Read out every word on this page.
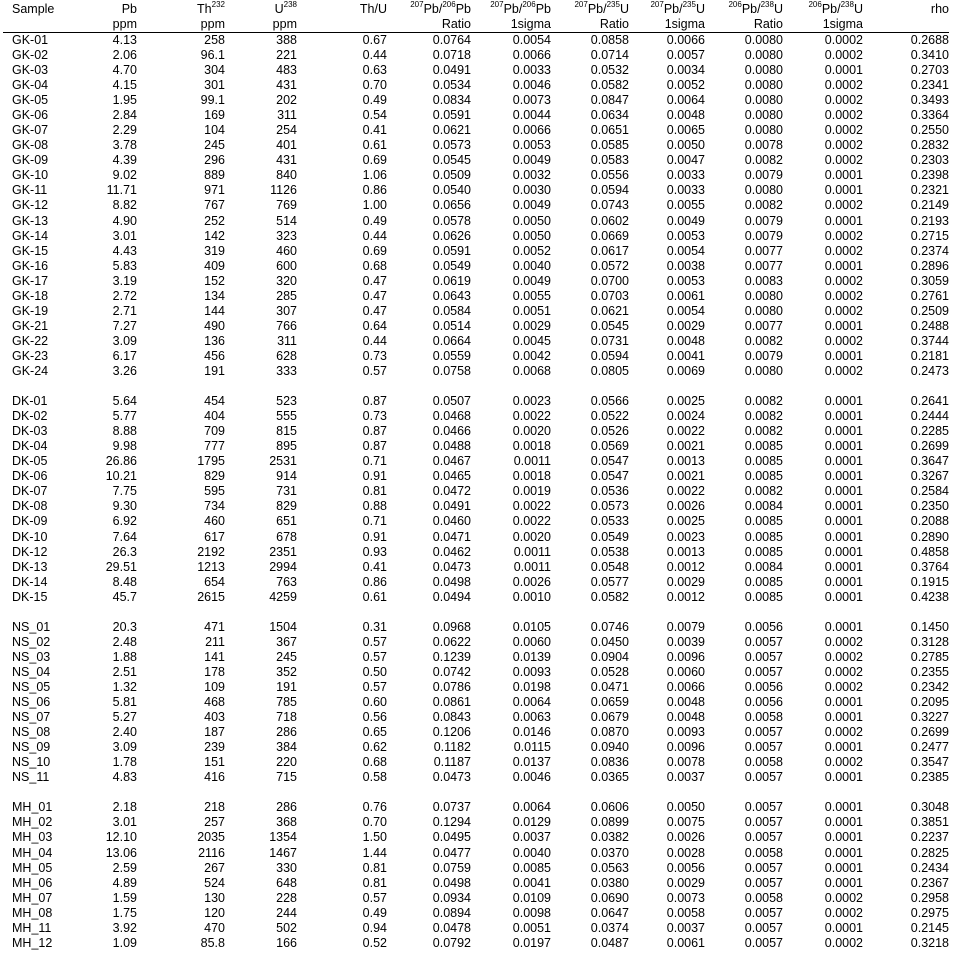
Sample	Pb	Th$^{232}$	$U^{238}$	Th/U	$^{207}$Pb/$^{206}$Pb	$^{207}$Pb/$^{206}$Pb	$^{207}$Pb/$^{235}$U	$^{207}$Pb/$^{235}$U	$^{206}$Pb/$^{238}$U	$^{206}$Pb/$^{238}$U	rho
	ppm	ppm	ppm		Ratio	1sigma	Ratio	1sigma	Ratio	1sigma	
GK-01	4.13	258	388	0.67	0.0764	0.0054	0.0858	0.0066	0.0080	0.0002	0.2688
GK-02	2.06	96.1	221	0.44	0.0718	0.0066	0.0714	0.0057	0.0080	0.0002	0.3410
GK-03	4.70	304	483	0.63	0.0491	0.0033	0.0532	0.0034	0.0080	0.0001	0.2703
GK-04	4.15	301	431	0.70	0.0534	0.0046	0.0582	0.0052	0.0080	0.0002	0.2341
GK-05	1.95	99.1	202	0.49	0.0834	0.0073	0.0847	0.0064	0.0080	0.0002	0.3493
GK-06	2.84	169	311	0.54	0.0591	0.0044	0.0634	0.0048	0.0080	0.0002	0.3364
GK-07	2.29	104	254	0.41	0.0621	0.0066	0.0651	0.0065	0.0080	0.0002	0.2550
GK-08	3.78	245	401	0.61	0.0573	0.0053	0.0585	0.0050	0.0078	0.0002	0.2832
GK-09	4.39	296	431	0.69	0.0545	0.0049	0.0583	0.0047	0.0082	0.0002	0.2303
GK-10	9.02	889	840	1.06	0.0509	0.0032	0.0556	0.0033	0.0079	0.0001	0.2398
GK-11	11.71	971	1126	0.86	0.0540	0.0030	0.0594	0.0033	0.0080	0.0001	0.2321
GK-12	8.82	767	769	1.00	0.0656	0.0049	0.0743	0.0055	0.0082	0.0002	0.2149
GK-13	4.90	252	514	0.49	0.0578	0.0050	0.0602	0.0049	0.0079	0.0001	0.2193
GK-14	3.01	142	323	0.44	0.0626	0.0050	0.0669	0.0053	0.0079	0.0002	0.2715
GK-15	4.43	319	460	0.69	0.0591	0.0052	0.0617	0.0054	0.0077	0.0002	0.2374
GK-16	5.83	409	600	0.68	0.0549	0.0040	0.0572	0.0038	0.0077	0.0001	0.2896
GK-17	3.19	152	320	0.47	0.0619	0.0049	0.0700	0.0053	0.0083	0.0002	0.3059
GK-18	2.72	134	285	0.47	0.0643	0.0055	0.0703	0.0061	0.0080	0.0002	0.2761
GK-19	2.71	144	307	0.47	0.0584	0.0051	0.0621	0.0054	0.0080	0.0002	0.2509
GK-21	7.27	490	766	0.64	0.0514	0.0029	0.0545	0.0029	0.0077	0.0001	0.2488
GK-22	3.09	136	311	0.44	0.0664	0.0045	0.0731	0.0048	0.0082	0.0002	0.3744
GK-23	6.17	456	628	0.73	0.0559	0.0042	0.0594	0.0041	0.0079	0.0001	0.2181
GK-24	3.26	191	333	0.57	0.0758	0.0068	0.0805	0.0069	0.0080	0.0002	0.2473

DK-01	5.64	454	523	0.87	0.0507	0.0023	0.0566	0.0025	0.0082	0.0001	0.2641
DK-02	5.77	404	555	0.73	0.0468	0.0022	0.0522	0.0024	0.0082	0.0001	0.2444
DK-03	8.88	709	815	0.87	0.0466	0.0020	0.0526	0.0022	0.0082	0.0001	0.2285
DK-04	9.98	777	895	0.87	0.0488	0.0018	0.0569	0.0021	0.0085	0.0001	0.2699
DK-05	26.86	1795	2531	0.71	0.0467	0.0011	0.0547	0.0013	0.0085	0.0001	0.3647
DK-06	10.21	829	914	0.91	0.0465	0.0018	0.0547	0.0021	0.0085	0.0001	0.3267
DK-07	7.75	595	731	0.81	0.0472	0.0019	0.0536	0.0022	0.0082	0.0001	0.2584
DK-08	9.30	734	829	0.88	0.0491	0.0022	0.0573	0.0026	0.0084	0.0001	0.2350
DK-09	6.92	460	651	0.71	0.0460	0.0022	0.0533	0.0025	0.0085	0.0001	0.2088
DK-10	7.64	617	678	0.91	0.0471	0.0020	0.0549	0.0023	0.0085	0.0001	0.2890
DK-12	26.3	2192	2351	0.93	0.0462	0.0011	0.0538	0.0013	0.0085	0.0001	0.4858
DK-13	29.51	1213	2994	0.41	0.0473	0.0011	0.0548	0.0012	0.0084	0.0001	0.3764
DK-14	8.48	654	763	0.86	0.0498	0.0026	0.0577	0.0029	0.0085	0.0001	0.1915
DK-15	45.7	2615	4259	0.61	0.0494	0.0010	0.0582	0.0012	0.0085	0.0001	0.4238

NS_01	20.3	471	1504	0.31	0.0968	0.0105	0.0746	0.0079	0.0056	0.0001	0.1450
NS_02	2.48	211	367	0.57	0.0622	0.0060	0.0450	0.0039	0.0057	0.0002	0.3128
NS_03	1.88	141	245	0.57	0.1239	0.0139	0.0904	0.0096	0.0057	0.0002	0.2785
NS_04	2.51	178	352	0.50	0.0742	0.0093	0.0528	0.0060	0.0057	0.0002	0.2355
NS_05	1.32	109	191	0.57	0.0786	0.0198	0.0471	0.0066	0.0056	0.0002	0.2342
NS_06	5.81	468	785	0.60	0.0861	0.0064	0.0659	0.0048	0.0056	0.0001	0.2095
NS_07	5.27	403	718	0.56	0.0843	0.0063	0.0679	0.0048	0.0058	0.0001	0.3227
NS_08	2.40	187	286	0.65	0.1206	0.0146	0.0870	0.0093	0.0057	0.0002	0.2699
NS_09	3.09	239	384	0.62	0.1182	0.0115	0.0940	0.0096	0.0057	0.0001	0.2477
NS_10	1.78	151	220	0.68	0.1187	0.0137	0.0836	0.0078	0.0058	0.0002	0.3547
NS_11	4.83	416	715	0.58	0.0473	0.0046	0.0365	0.0037	0.0057	0.0001	0.2385

MH_01	2.18	218	286	0.76	0.0737	0.0064	0.0606	0.0050	0.0057	0.0001	0.3048
MH_02	3.01	257	368	0.70	0.1294	0.0129	0.0899	0.0075	0.0057	0.0001	0.3851
MH_03	12.10	2035	1354	1.50	0.0495	0.0037	0.0382	0.0026	0.0057	0.0001	0.2237
MH_04	13.06	2116	1467	1.44	0.0477	0.0040	0.0370	0.0028	0.0058	0.0001	0.2825
MH_05	2.59	267	330	0.81	0.0759	0.0085	0.0563	0.0056	0.0057	0.0001	0.2434
MH_06	4.89	524	648	0.81	0.0498	0.0041	0.0380	0.0029	0.0057	0.0001	0.2367
MH_07	1.59	130	228	0.57	0.0934	0.0109	0.0690	0.0073	0.0058	0.0002	0.2958
MH_08	1.75	120	244	0.49	0.0894	0.0098	0.0647	0.0058	0.0057	0.0002	0.2975
MH_11	3.92	470	502	0.94	0.0478	0.0051	0.0374	0.0037	0.0057	0.0001	0.2145
MH_12	1.09	85.8	166	0.52	0.0792	0.0197	0.0487	0.0061	0.0057	0.0002	0.3218
